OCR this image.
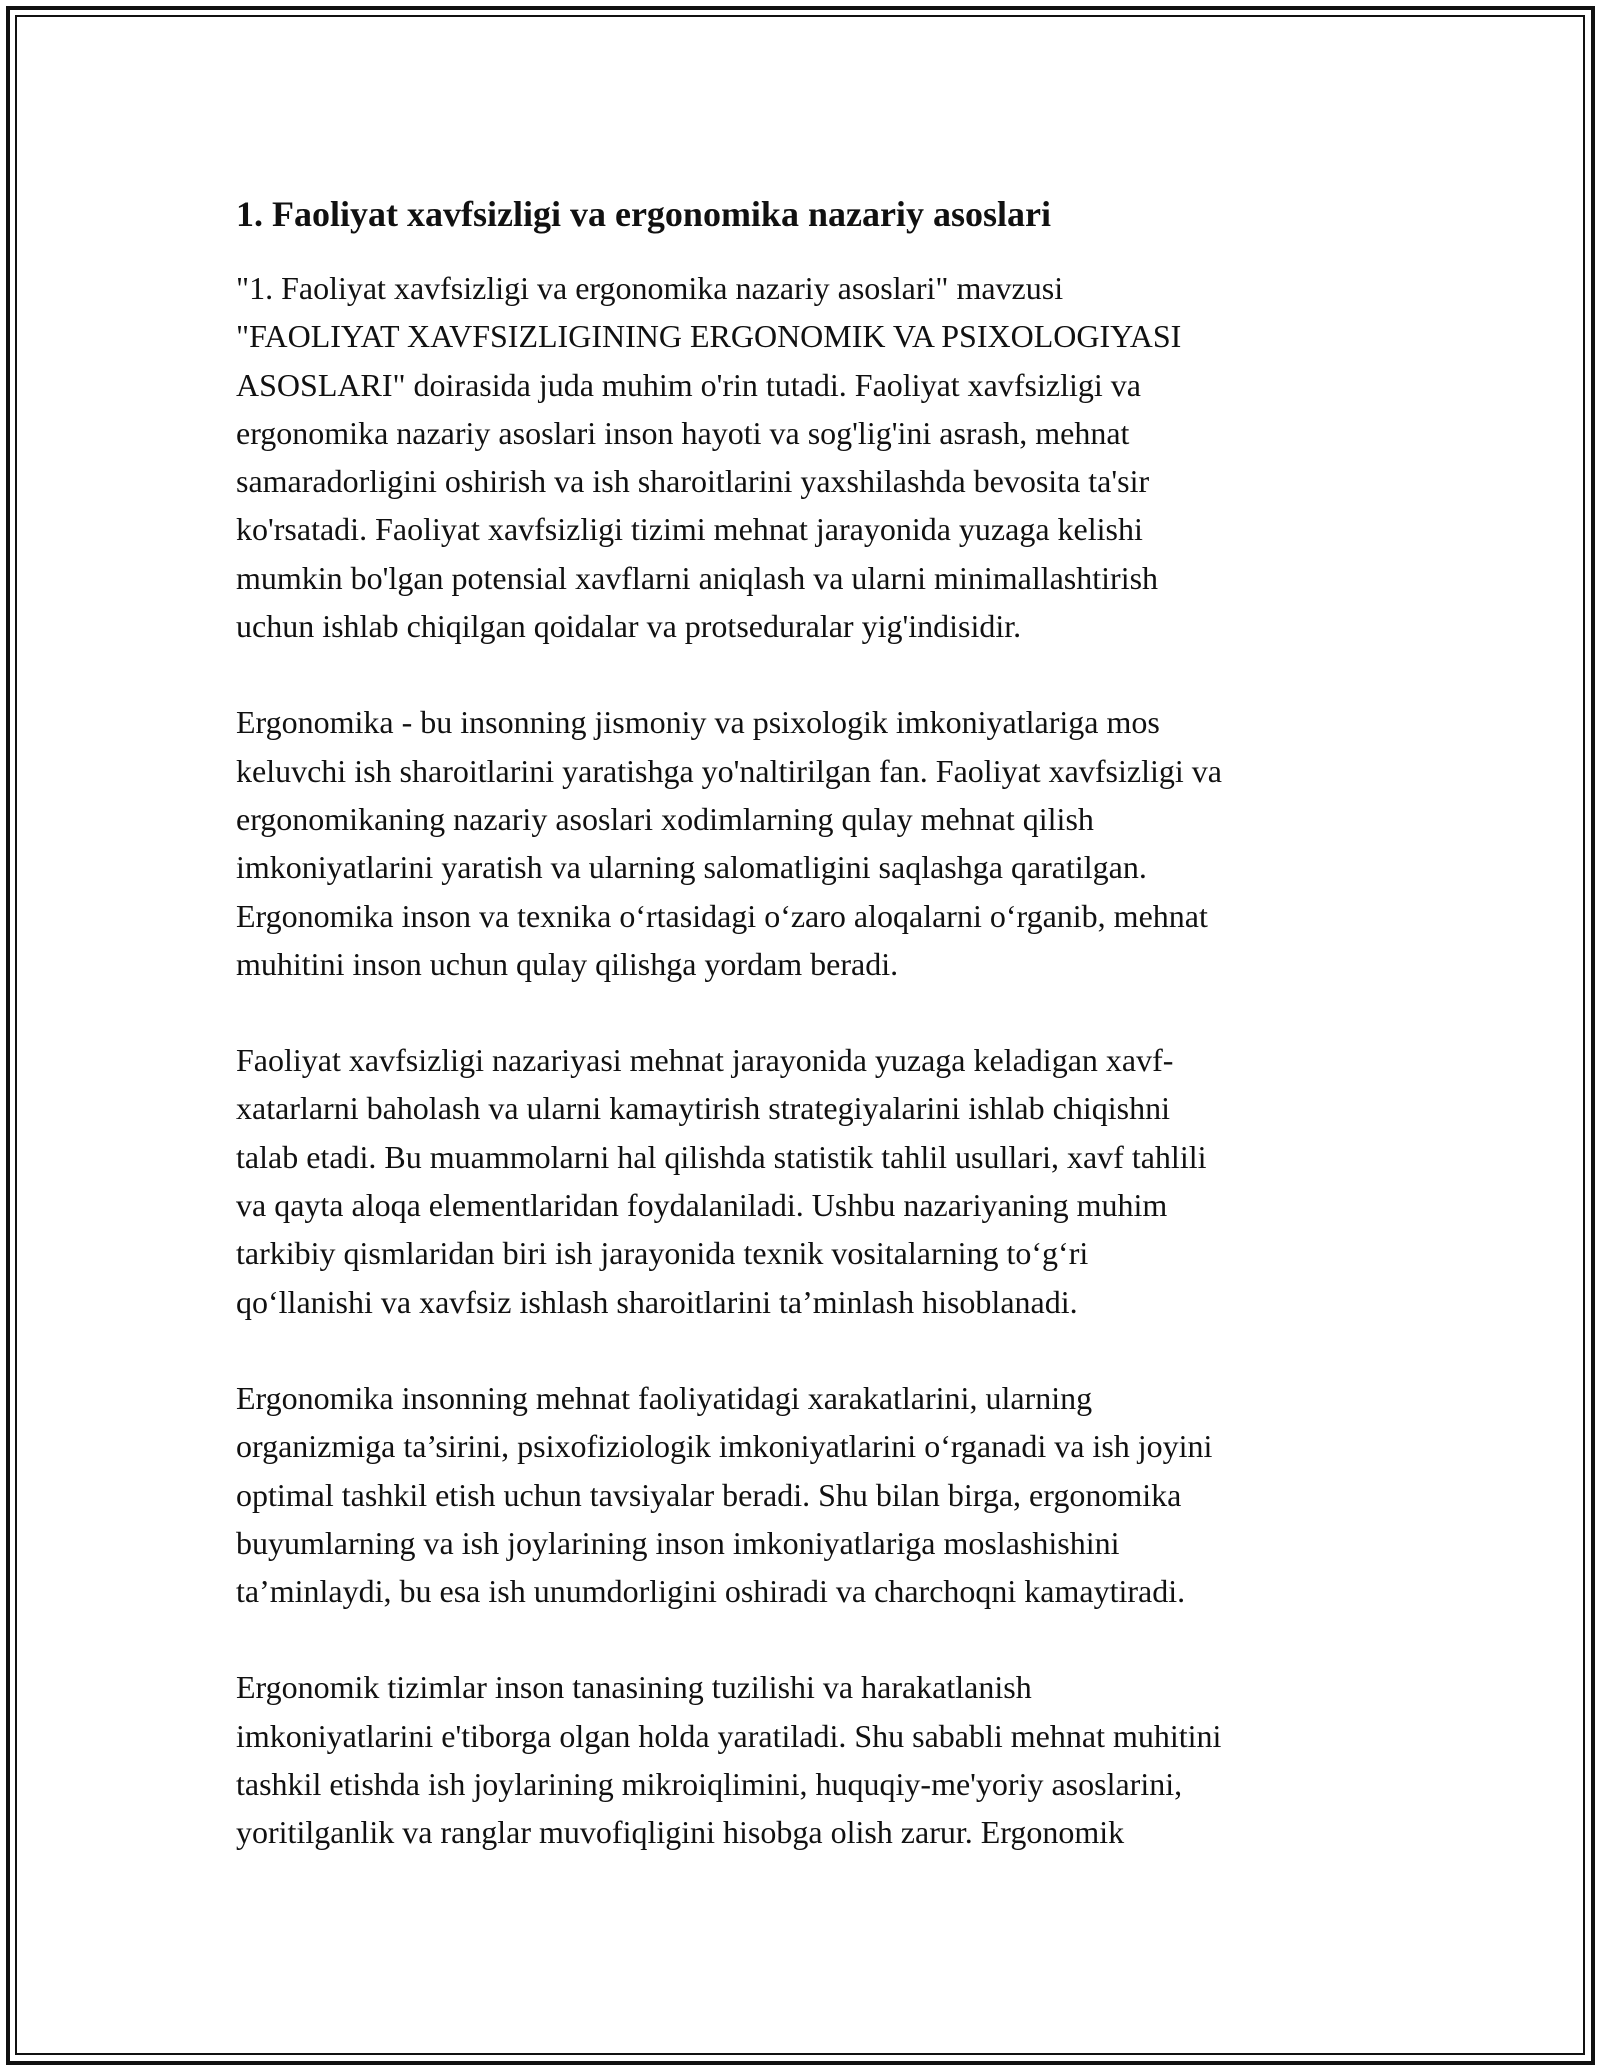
1. Faoliyat xavfsizligi va ergonomika nazariy asoslari

"1. Faoliyat xavfsizligi va ergonomika nazariy asoslari" mavzusi
"FAOLIYAT XAVFSIZLIGINING ERGONOMIK VA PSIXOLOGIYASI
ASOSLARI" doirasida juda muhim o'rin tutadi. Faoliyat xavfsizligi va
ergonomika nazariy asoslari inson hayoti va sog'lig'ini asrash, mehnat
samaradorligini oshirish va ish sharoitlarini yaxshilashda bevosita ta'sir
ko'rsatadi. Faoliyat xavfsizligi tizimi mehnat jarayonida yuzaga kelishi
mumkin bo'lgan potensial xavflarni aniqlash va ularni minimallashtirish
uchun ishlab chiqilgan qoidalar va protseduralar yig'indisidir.

Ergonomika - bu insonning jismoniy va psixologik imkoniyatlariga mos
keluvchi ish sharoitlarini yaratishga yo'naltirilgan fan. Faoliyat xavfsizligi va
ergonomikaning nazariy asoslari xodimlarning qulay mehnat qilish
imkoniyatlarini yaratish va ularning salomatligini saqlashga qaratilgan.
Ergonomika inson va texnika o‘rtasidagi o‘zaro aloqalarni o‘rganib, mehnat
muhitini inson uchun qulay qilishga yordam beradi.

Faoliyat xavfsizligi nazariyasi mehnat jarayonida yuzaga keladigan xavf-
xatarlarni baholash va ularni kamaytirish strategiyalarini ishlab chiqishni
talab etadi. Bu muammolarni hal qilishda statistik tahlil usullari, xavf tahlili
va qayta aloqa elementlaridan foydalaniladi. Ushbu nazariyaning muhim
tarkibiy qismlaridan biri ish jarayonida texnik vositalarning to‘g‘ri
qo‘llanishi va xavfsiz ishlash sharoitlarini ta’minlash hisoblanadi.

Ergonomika insonning mehnat faoliyatidagi xarakatlarini, ularning
organizmiga ta’sirini, psixofiziologik imkoniyatlarini o‘rganadi va ish joyini
optimal tashkil etish uchun tavsiyalar beradi. Shu bilan birga, ergonomika
buyumlarning va ish joylarining inson imkoniyatlariga moslashishini
ta’minlaydi, bu esa ish unumdorligini oshiradi va charchoqni kamaytiradi.

Ergonomik tizimlar inson tanasining tuzilishi va harakatlanish
imkoniyatlarini e'tiborga olgan holda yaratiladi. Shu sababli mehnat muhitini
tashkil etishda ish joylarining mikroiqlimini, huquqiy-me'yoriy asoslarini,
yoritilganlik va ranglar muvofiqligini hisobga olish zarur. Ergonomik
